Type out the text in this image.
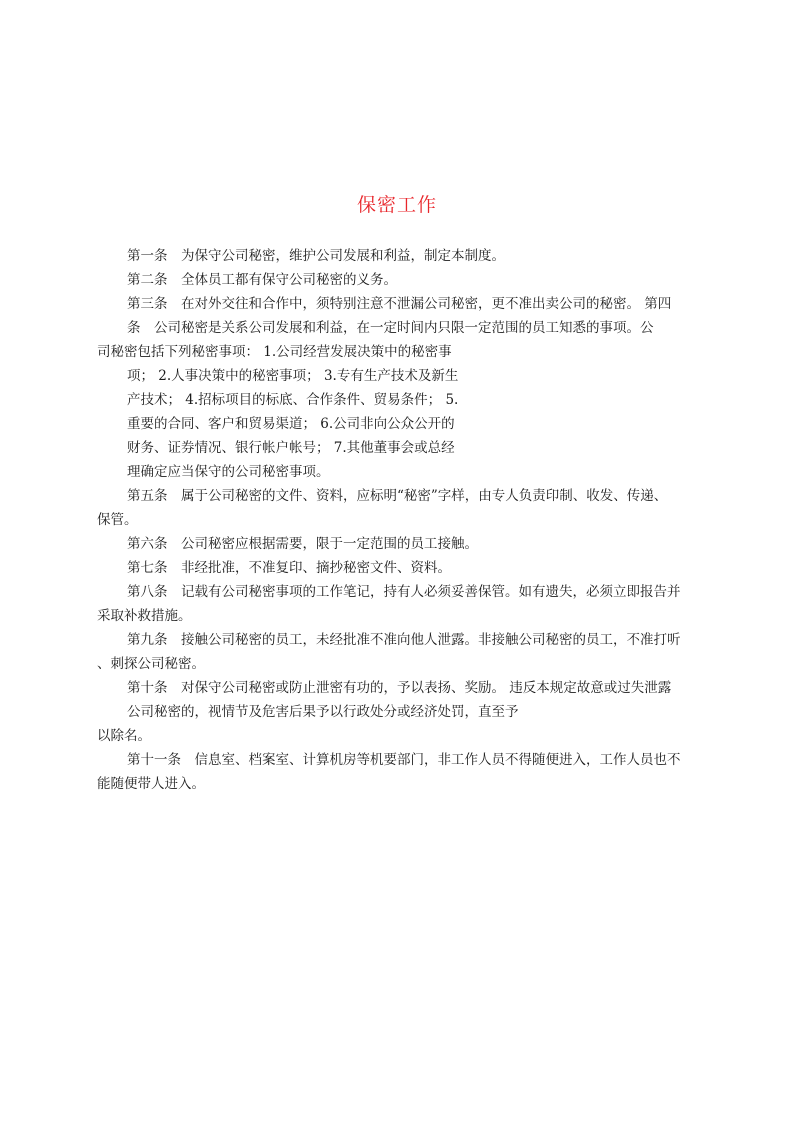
保密工作
第一条　为保守公司秘密，维护公司发展和利益，制定本制度。
第二条　全体员工都有保守公司秘密的义务。
第三条　在对外交往和合作中，须特别注意不泄漏公司秘密，更不准出卖公司的秘密。 第四
条　公司秘密是关系公司发展和利益，在一定时间内只限一定范围的员工知悉的事项。公
司秘密包括下列秘密事项： 1.公司经营发展决策中的秘密事
项； 2.人事决策中的秘密事项； 3.专有生产技术及新生
产技术； 4.招标项目的标底、合作条件、贸易条件； 5.
重要的合同、客户和贸易渠道； 6.公司非向公众公开的
财务、证券情况、银行帐户帐号； 7.其他董事会或总经
理确定应当保守的公司秘密事项。
第五条　属于公司秘密的文件、资料，应标明“秘密”字样，由专人负责印制、收发、传递、
保管。
第六条　公司秘密应根据需要，限于一定范围的员工接触。
第七条　非经批准，不准复印、摘抄秘密文件、资料。
第八条　记载有公司秘密事项的工作笔记，持有人必须妥善保管。如有遗失，必须立即报告并
采取补救措施。
第九条　接触公司秘密的员工，未经批准不准向他人泄露。非接触公司秘密的员工，不准打听
、刺探公司秘密。
第十条　对保守公司秘密或防止泄密有功的，予以表扬、奖励。 违反本规定故意或过失泄露
公司秘密的，视情节及危害后果予以行政处分或经济处罚，直至予
以除名。
第十一条　信息室、档案室、计算机房等机要部门，非工作人员不得随便进入，工作人员也不
能随便带人进入。
